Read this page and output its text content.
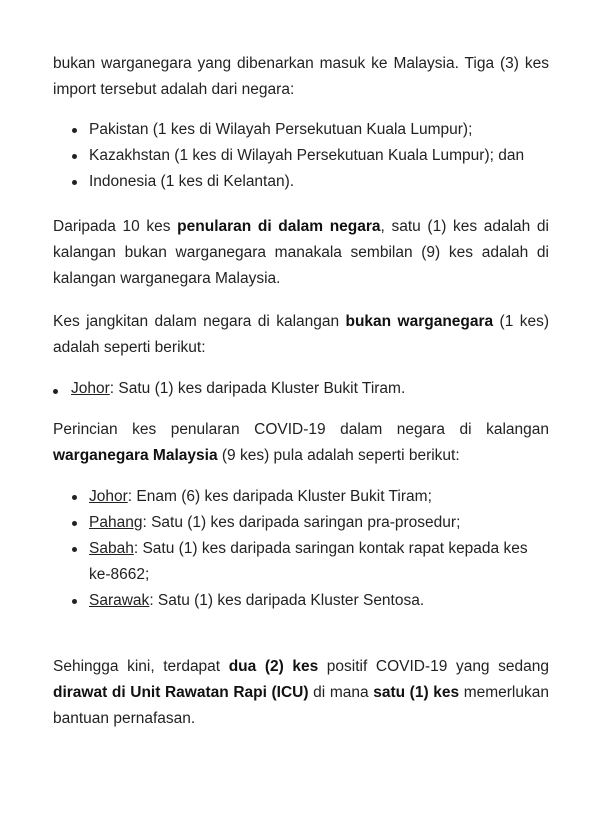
bukan warganegara yang dibenarkan masuk ke Malaysia. Tiga (3) kes import tersebut adalah dari negara:

Pakistan (1 kes di Wilayah Persekutuan Kuala Lumpur);
Kazakhstan (1 kes di Wilayah Persekutuan Kuala Lumpur); dan
Indonesia (1 kes di Kelantan).

Daripada 10 kes penularan di dalam negara, satu (1) kes adalah di kalangan bukan warganegara manakala sembilan (9) kes adalah di kalangan warganegara Malaysia.

Kes jangkitan dalam negara di kalangan bukan warganegara (1 kes) adalah seperti berikut:

Johor: Satu (1) kes daripada Kluster Bukit Tiram.

Perincian kes penularan COVID-19 dalam negara di kalangan warganegara Malaysia (9 kes) pula adalah seperti berikut:

Johor: Enam (6) kes daripada Kluster Bukit Tiram;
Pahang: Satu (1) kes daripada saringan pra-prosedur;
Sabah: Satu (1) kes daripada saringan kontak rapat kepada kes ke-8662;
Sarawak: Satu (1) kes daripada Kluster Sentosa.

Sehingga kini, terdapat dua (2) kes positif COVID-19 yang sedang dirawat di Unit Rawatan Rapi (ICU) di mana satu (1) kes memerlukan bantuan pernafasan.
